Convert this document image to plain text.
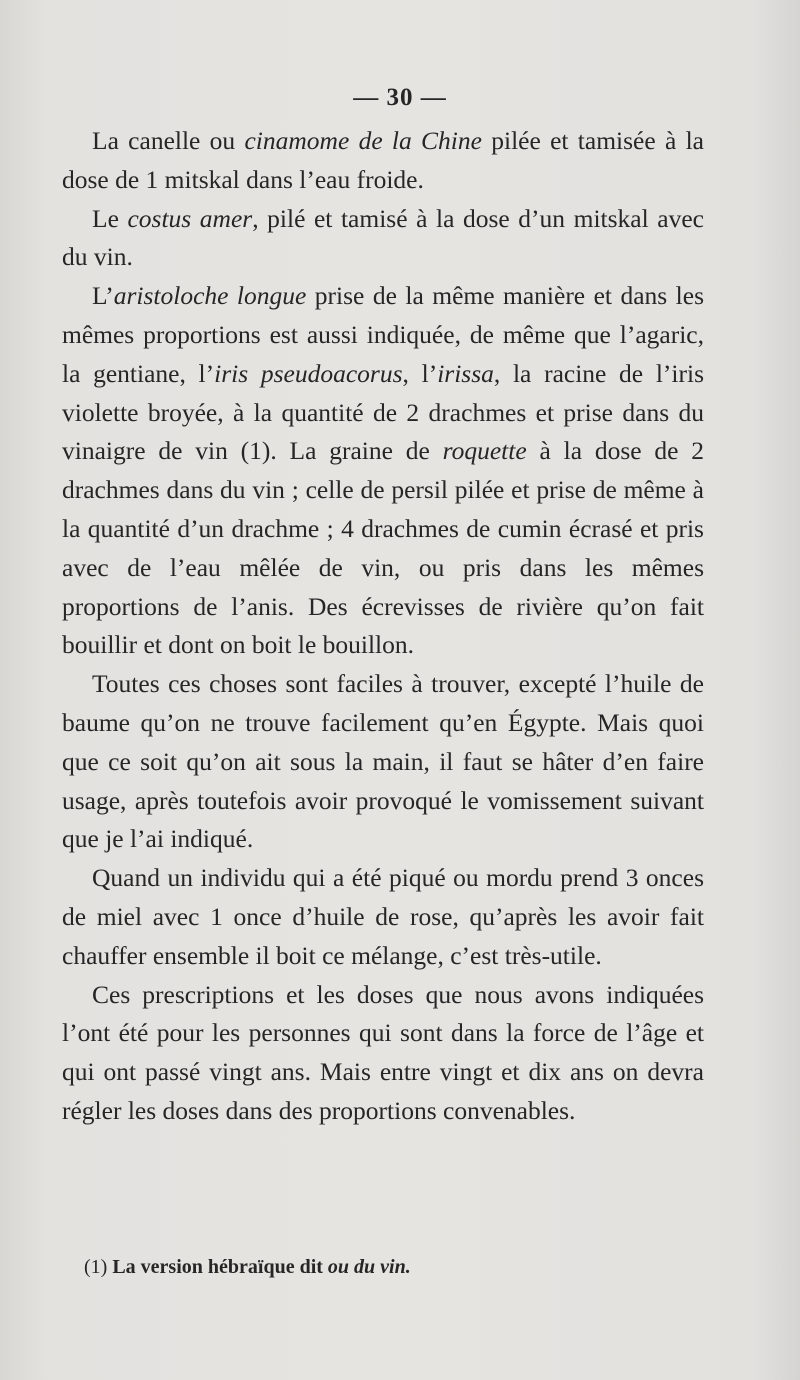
— 30 —

La canelle ou cinamome de la Chine pilée et tamisée à la dose de 1 mitskal dans l’eau froide.

Le costus amer, pilé et tamisé à la dose d’un mitskal avec du vin.

L’aristoloche longue prise de la même manière et dans les mêmes proportions est aussi indiquée, de même que l’agaric, la gentiane, l’iris pseudoacorus, l’irissa, la racine de l’iris violette broyée, à la quantité de 2 drachmes et prise dans du vinaigre de vin (1). La graine de roquette à la dose de 2 drachmes dans du vin ; celle de persil pilée et prise de même à la quantité d’un drachme ; 4 drachmes de cumin écrasé et pris avec de l’eau mêlée de vin, ou pris dans les mêmes proportions de l’anis. Des écrevisses de rivière qu’on fait bouillir et dont on boit le bouillon.

Toutes ces choses sont faciles à trouver, excepté l’huile de baume qu’on ne trouve facilement qu’en Égypte. Mais quoi que ce soit qu’on ait sous la main, il faut se hâter d’en faire usage, après toutefois avoir provoqué le vomissement suivant que je l’ai indiqué.

Quand un individu qui a été piqué ou mordu prend 3 onces de miel avec 1 once d’huile de rose, qu’après les avoir fait chauffer ensemble il boit ce mélange, c’est très-utile.

Ces prescriptions et les doses que nous avons indiquées l’ont été pour les personnes qui sont dans la force de l’âge et qui ont passé vingt ans. Mais entre vingt et dix ans on devra régler les doses dans des proportions convenables.

(1) La version hébraïque dit ou du vin.
